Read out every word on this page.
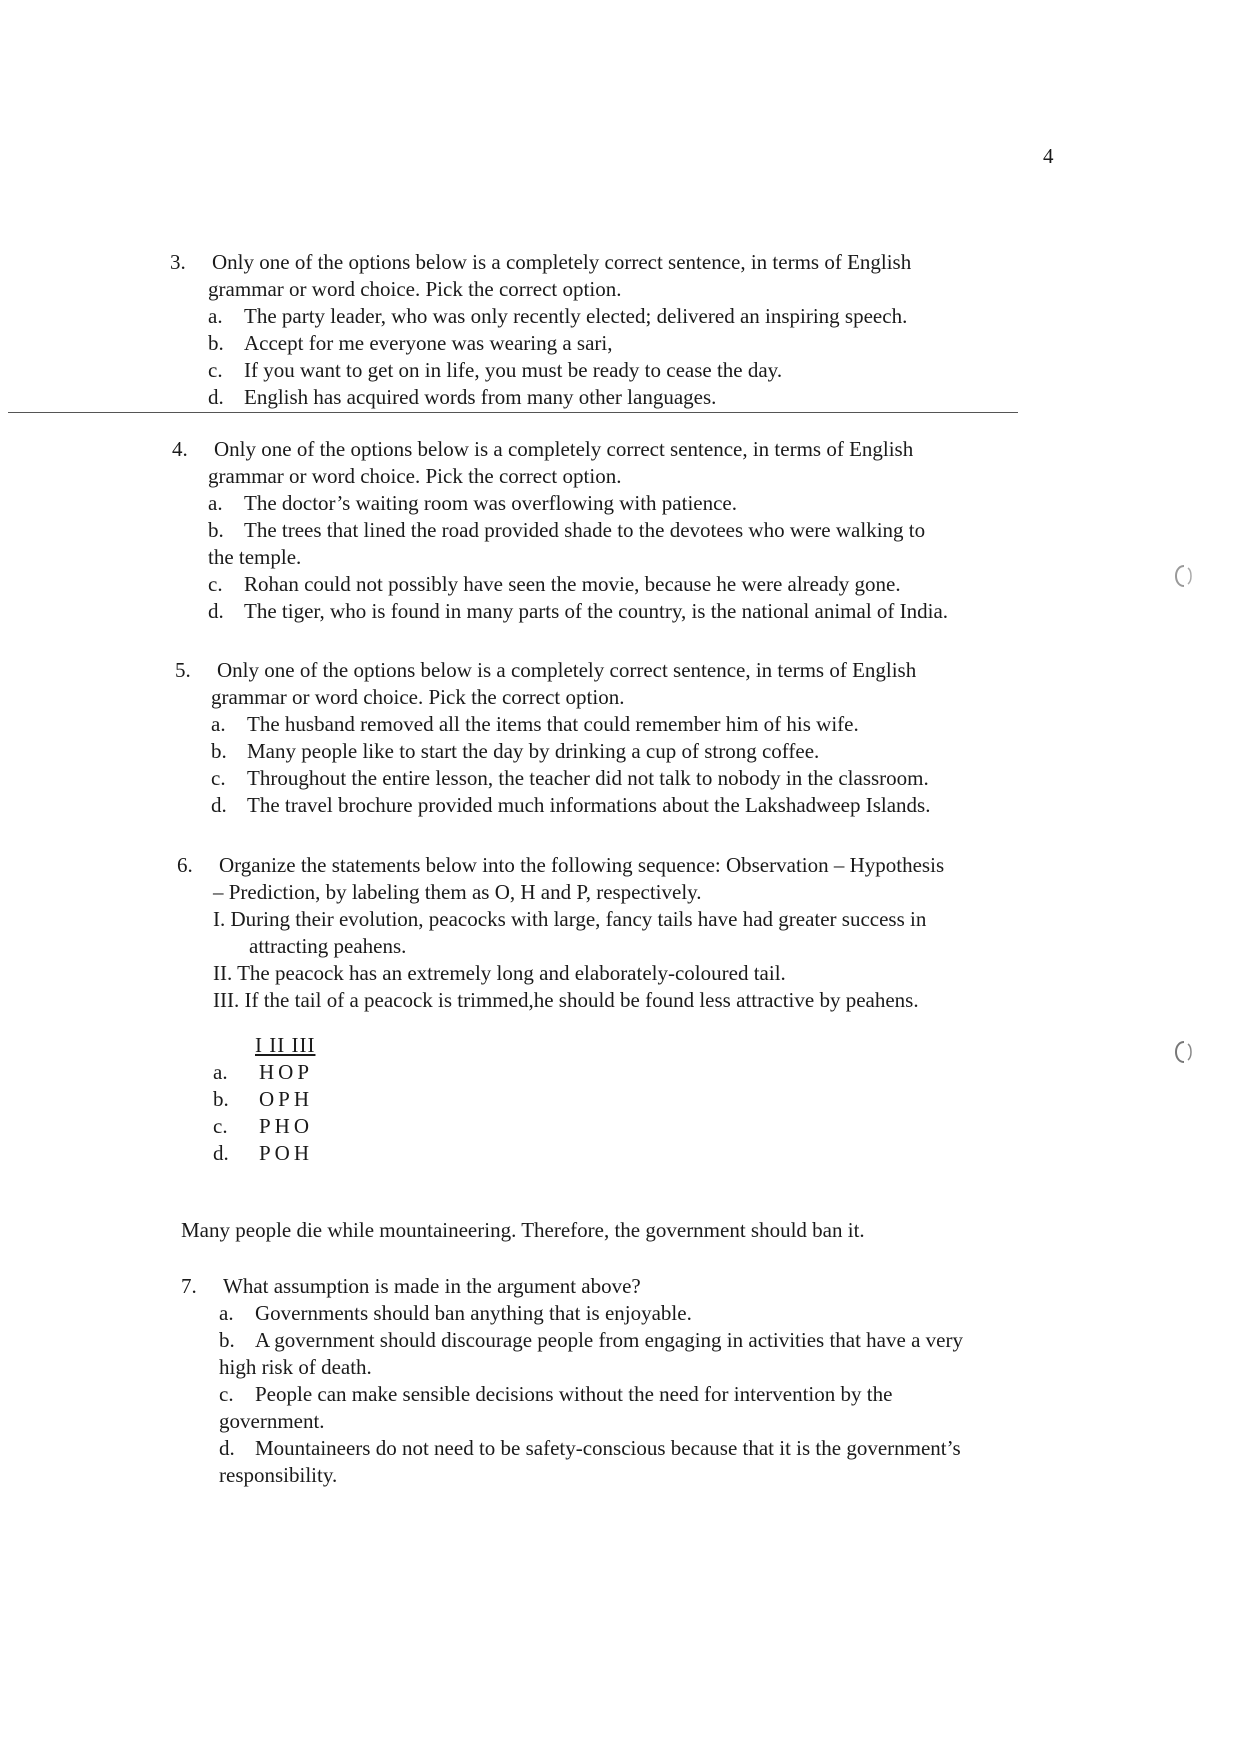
4
3. Only one of the options below is a completely correct sentence, in terms of English
grammar or word choice. Pick the correct option.
a. The party leader, who was only recently elected; delivered an inspiring speech.
b. Accept for me everyone was wearing a sari,
c. If you want to get on in life, you must be ready to cease the day.
d. English has acquired words from many other languages.
4. Only one of the options below is a completely correct sentence, in terms of English
grammar or word choice. Pick the correct option.
a. The doctor’s waiting room was overflowing with patience.
b. The trees that lined the road provided shade to the devotees who were walking to
the temple.
c. Rohan could not possibly have seen the movie, because he were already gone.
d. The tiger, who is found in many parts of the country, is the national animal of India.
5. Only one of the options below is a completely correct sentence, in terms of English
grammar or word choice. Pick the correct option.
a. The husband removed all the items that could remember him of his wife.
b. Many people like to start the day by drinking a cup of strong coffee.
c. Throughout the entire lesson, the teacher did not talk to nobody in the classroom.
d. The travel brochure provided much informations about the Lakshadweep Islands.
6. Organize the statements below into the following sequence: Observation – Hypothesis
– Prediction, by labeling them as O, H and P, respectively.
I. During their evolution, peacocks with large, fancy tails have had greater success in
attracting peahens.
II. The peacock has an extremely long and elaborately-coloured tail.
III. If the tail of a peacock is trimmed,he should be found less attractive by peahens.
I II III
a. HOP
b. OPH
c. PHO
d. POH
Many people die while mountaineering. Therefore, the government should ban it.
7. What assumption is made in the argument above?
a. Governments should ban anything that is enjoyable.
b. A government should discourage people from engaging in activities that have a very
high risk of death.
c. People can make sensible decisions without the need for intervention by the
government.
d. Mountaineers do not need to be safety-conscious because that it is the government’s
responsibility.
